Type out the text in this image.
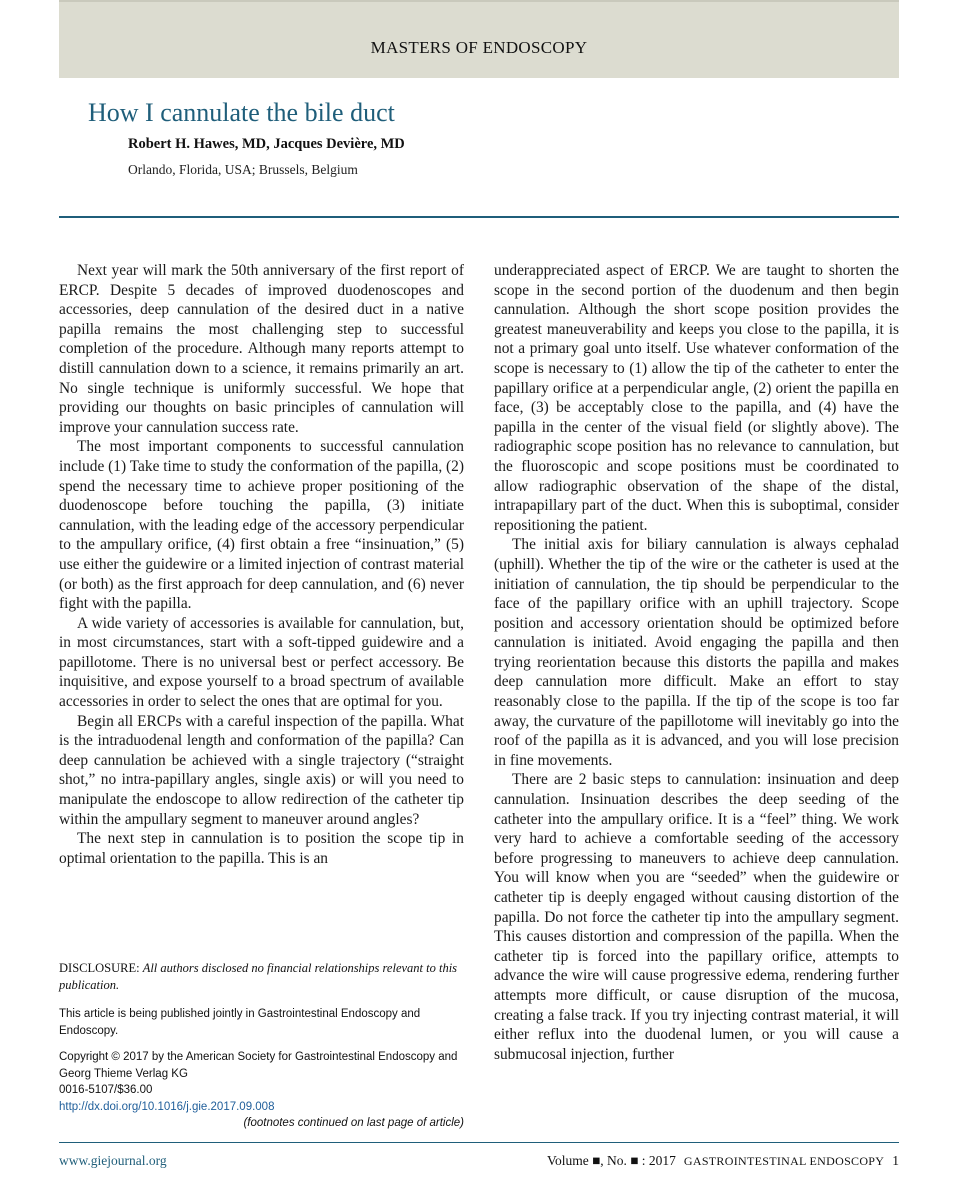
MASTERS OF ENDOSCOPY
How I cannulate the bile duct
Robert H. Hawes, MD, Jacques Devière, MD
Orlando, Florida, USA; Brussels, Belgium

Next year will mark the 50th anniversary of the first report of ERCP. Despite 5 decades of improved duodenoscopes and accessories, deep cannulation of the desired duct in a native papilla remains the most challenging step to successful completion of the procedure. Although many reports attempt to distill cannulation down to a science, it remains primarily an art. No single technique is uniformly successful. We hope that providing our thoughts on basic principles of cannulation will improve your cannulation success rate.

The most important components to successful cannulation include (1) Take time to study the conformation of the papilla, (2) spend the necessary time to achieve proper positioning of the duodenoscope before touching the papilla, (3) initiate cannulation, with the leading edge of the accessory perpendicular to the ampullary orifice, (4) first obtain a free “insinuation,” (5) use either the guidewire or a limited injection of contrast material (or both) as the first approach for deep cannulation, and (6) never fight with the papilla.

A wide variety of accessories is available for cannulation, but, in most circumstances, start with a soft-tipped guidewire and a papillotome. There is no universal best or perfect accessory. Be inquisitive, and expose yourself to a broad spectrum of available accessories in order to select the ones that are optimal for you.

Begin all ERCPs with a careful inspection of the papilla. What is the intraduodenal length and conformation of the papilla? Can deep cannulation be achieved with a single trajectory (“straight shot,” no intra-papillary angles, single axis) or will you need to manipulate the endoscope to allow redirection of the catheter tip within the ampullary segment to maneuver around angles?

The next step in cannulation is to position the scope tip in optimal orientation to the papilla. This is an

underappreciated aspect of ERCP. We are taught to shorten the scope in the second portion of the duodenum and then begin cannulation. Although the short scope position provides the greatest maneuverability and keeps you close to the papilla, it is not a primary goal unto itself. Use whatever conformation of the scope is necessary to (1) allow the tip of the catheter to enter the papillary orifice at a perpendicular angle, (2) orient the papilla en face, (3) be acceptably close to the papilla, and (4) have the papilla in the center of the visual field (or slightly above). The radiographic scope position has no relevance to cannulation, but the fluoroscopic and scope positions must be coordinated to allow radiographic observation of the shape of the distal, intrapapillary part of the duct. When this is suboptimal, consider repositioning the patient.

The initial axis for biliary cannulation is always cephalad (uphill). Whether the tip of the wire or the catheter is used at the initiation of cannulation, the tip should be perpendicular to the face of the papillary orifice with an uphill trajectory. Scope position and accessory orientation should be optimized before cannulation is initiated. Avoid engaging the papilla and then trying reorientation because this distorts the papilla and makes deep cannulation more difficult. Make an effort to stay reasonably close to the papilla. If the tip of the scope is too far away, the curvature of the papillotome will inevitably go into the roof of the papilla as it is advanced, and you will lose precision in fine movements.

There are 2 basic steps to cannulation: insinuation and deep cannulation. Insinuation describes the deep seeding of the catheter into the ampullary orifice. It is a “feel” thing. We work very hard to achieve a comfortable seeding of the accessory before progressing to maneuvers to achieve deep cannulation. You will know when you are “seeded” when the guidewire or catheter tip is deeply engaged without causing distortion of the papilla. Do not force the catheter tip into the ampullary segment. This causes distortion and compression of the papilla. When the catheter tip is forced into the papillary orifice, attempts to advance the wire will cause progressive edema, rendering further attempts more difficult, or cause disruption of the mucosa, creating a false track. If you try injecting contrast material, it will either reflux into the duodenal lumen, or you will cause a submucosal injection, further

DISCLOSURE: All authors disclosed no financial relationships relevant to this publication.
This article is being published jointly in Gastrointestinal Endoscopy and Endoscopy.
Copyright © 2017 by the American Society for Gastrointestinal Endoscopy and Georg Thieme Verlag KG
0016-5107/$36.00
http://dx.doi.org/10.1016/j.gie.2017.09.008
(footnotes continued on last page of article)
www.giejournal.org	Volume ■, No. ■ : 2017 GASTROINTESTINAL ENDOSCOPY 1
